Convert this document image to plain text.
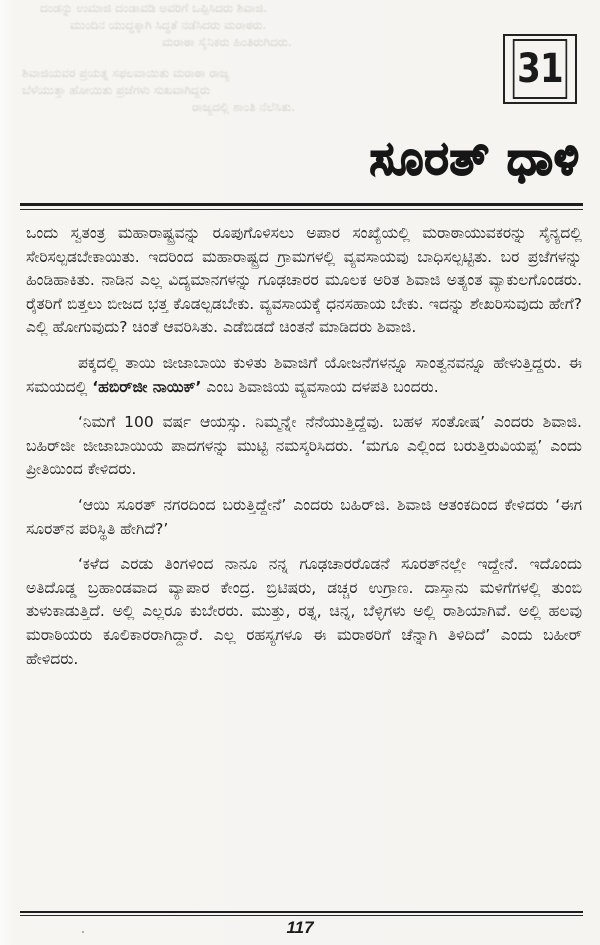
ದಂಡನ್ನು ಉಮಾಜಿ ದಂಡಾವಡಿ ಅವರಿಗೆ ಒಪ್ಪಿಸಿದರು ಶಿವಾಜಿ.
ಮುಂದಿನ ಯುದ್ಧಕ್ಕಾಗಿ ಸಿದ್ಧತೆ ನಡೆಸಿದರು ಮರಾಠರು.
ಮರಾಠಾ ಸೈನಿಕರು ಹಿಂತಿರುಗಿದರು.
ಶಿವಾಜಿಯವರ ಪ್ರಯತ್ನ ಸಫಲವಾಯಿತು ಮರಾಠಾ ರಾಜ್ಯ
ಬೆಳೆಯುತ್ತಾ ಹೋಯಿತು ಪ್ರಜೆಗಳು ಸುಖವಾಗಿದ್ದರು
ರಾಜ್ಯದಲ್ಲಿ ಶಾಂತಿ ನೆಲೆಸಿತು.
31
ಸೂರತ್ ಧಾಳಿ

ಒಂದು ಸ್ವತಂತ್ರ ಮಹಾರಾಷ್ಟ್ರವನ್ನು ರೂಪುಗೊಳಿಸಲು ಅಪಾರ ಸಂಖ್ಯೆಯಲ್ಲಿ ಮರಾಠಾಯುವಕರನ್ನು ಸೈನ್ಯದಲ್ಲಿ ಸೇರಿಸಲ್ಪಡಬೇಕಾಯಿತು. ಇದರಿಂದ ಮಹಾರಾಷ್ಟ್ರದ ಗ್ರಾಮಗಳಲ್ಲಿ ವ್ಯವಸಾಯವು ಬಾಧಿಸಲ್ಪಟ್ಟಿತು. ಬರ ಪ್ರಜೆಗಳನ್ನು ಹಿಂಡಿಹಾಕಿತು. ನಾಡಿನ ಎಲ್ಲ ವಿದ್ಯಮಾನಗಳನ್ನು ಗೂಢಚಾರರ ಮೂಲಕ ಅರಿತ ಶಿವಾಜಿ ಅತ್ಯಂತ ವ್ಯಾಕುಲಗೊಂಡರು. ರೈತರಿಗೆ ಬಿತ್ತಲು ಬೀಜದ ಭತ್ತ ಕೊಡಲ್ಪಡಬೇಕು. ವ್ಯವಸಾಯಕ್ಕೆ ಧನಸಹಾಯ ಬೇಕು. ಇದನ್ನು ಶೇಖರಿಸುವುದು ಹೇಗೆ? ಎಲ್ಲಿ ಹೋಗುವುದು? ಚಿಂತೆ ಆವರಿಸಿತು. ಎಡೆಬಿಡದೆ ಚಿಂತನೆ ಮಾಡಿದರು ಶಿವಾಜಿ.

ಪಕ್ಕದಲ್ಲಿ ತಾಯಿ ಜೀಜಾಬಾಯಿ ಕುಳಿತು ಶಿವಾಜಿಗೆ ಯೋಜನೆಗಳನ್ನೂ ಸಾಂತ್ವನವನ್ನೂ ಹೇಳುತ್ತಿದ್ದರು. ಈ ಸಮಯದಲ್ಲಿ ‘ಹಬಿರ್‌ಜೀ ನಾಯಿಕ್’ ಎಂಬ ಶಿವಾಜಿಯ ವ್ಯವಸಾಯ ದಳಪತಿ ಬಂದರು.

‘ನಿಮಗೆ 100 ವರ್ಷ ಆಯಸ್ಸು. ನಿಮ್ಮನ್ನೇ ನೆನೆಯುತ್ತಿದ್ದೆವು. ಬಹಳ ಸಂತೋಷ’ ಎಂದರು ಶಿವಾಜಿ. ಬಹಿರ್‌ಜೀ ಜೀಜಾಬಾಯಿಯ ಪಾದಗಳನ್ನು ಮುಟ್ಟಿ ನಮಸ್ಕರಿಸಿದರು. ‘ಮಗೂ ಎಲ್ಲಿಂದ ಬರುತ್ತಿರುವಿಯಪ್ಪ’ ಎಂದು ಪ್ರೀತಿಯಿಂದ ಕೇಳಿದರು.

‘ಆಯಿ ಸೂರತ್ ನಗರದಿಂದ ಬರುತ್ತಿದ್ದೇನೆ’ ಎಂದರು ಬಹಿರ್‌ಜಿ. ಶಿವಾಜಿ ಆತಂಕದಿಂದ ಕೇಳಿದರು ‘ಈಗ ಸೂರತ್‌ನ ಪರಿಸ್ಥಿತಿ ಹೇಗಿದೆ?’

‘ಕಳೆದ ಎರಡು ತಿಂಗಳಿಂದ ನಾನೂ ನನ್ನ ಗೂಢಚಾರರೊಡನೆ ಸೂರತ್‌ನಲ್ಲೇ ಇದ್ದೇನೆ. ಇದೊಂದು ಅತಿದೊಡ್ಡ ಬ್ರಹಾಂಡವಾದ ವ್ಯಾಪಾರ ಕೇಂದ್ರ. ಬ್ರಿಟಿಷರು, ಡಚ್ಚರ ಉಗ್ರಾಣ. ದಾಸ್ತಾನು ಮಳಿಗೆಗಳಲ್ಲಿ ತುಂಬಿ ತುಳುಕಾಡುತ್ತಿದೆ. ಅಲ್ಲಿ ಎಲ್ಲರೂ ಕುಬೇರರು. ಮುತ್ತು, ರತ್ನ, ಚಿನ್ನ, ಬೆಳ್ಳಿಗಳು ಅಲ್ಲಿ ರಾಶಿಯಾಗಿವೆ. ಅಲ್ಲಿ ಹಲವು ಮರಾಠಿಯರು ಕೂಲಿಕಾರರಾಗಿದ್ದಾರೆ. ಎಲ್ಲ ರಹಸ್ಯಗಳೂ ಈ ಮರಾಠರಿಗೆ ಚೆನ್ನಾಗಿ ತಿಳಿದಿದೆ’ ಎಂದು ಬಹೀರ್ ಹೇಳಿದರು.

117
